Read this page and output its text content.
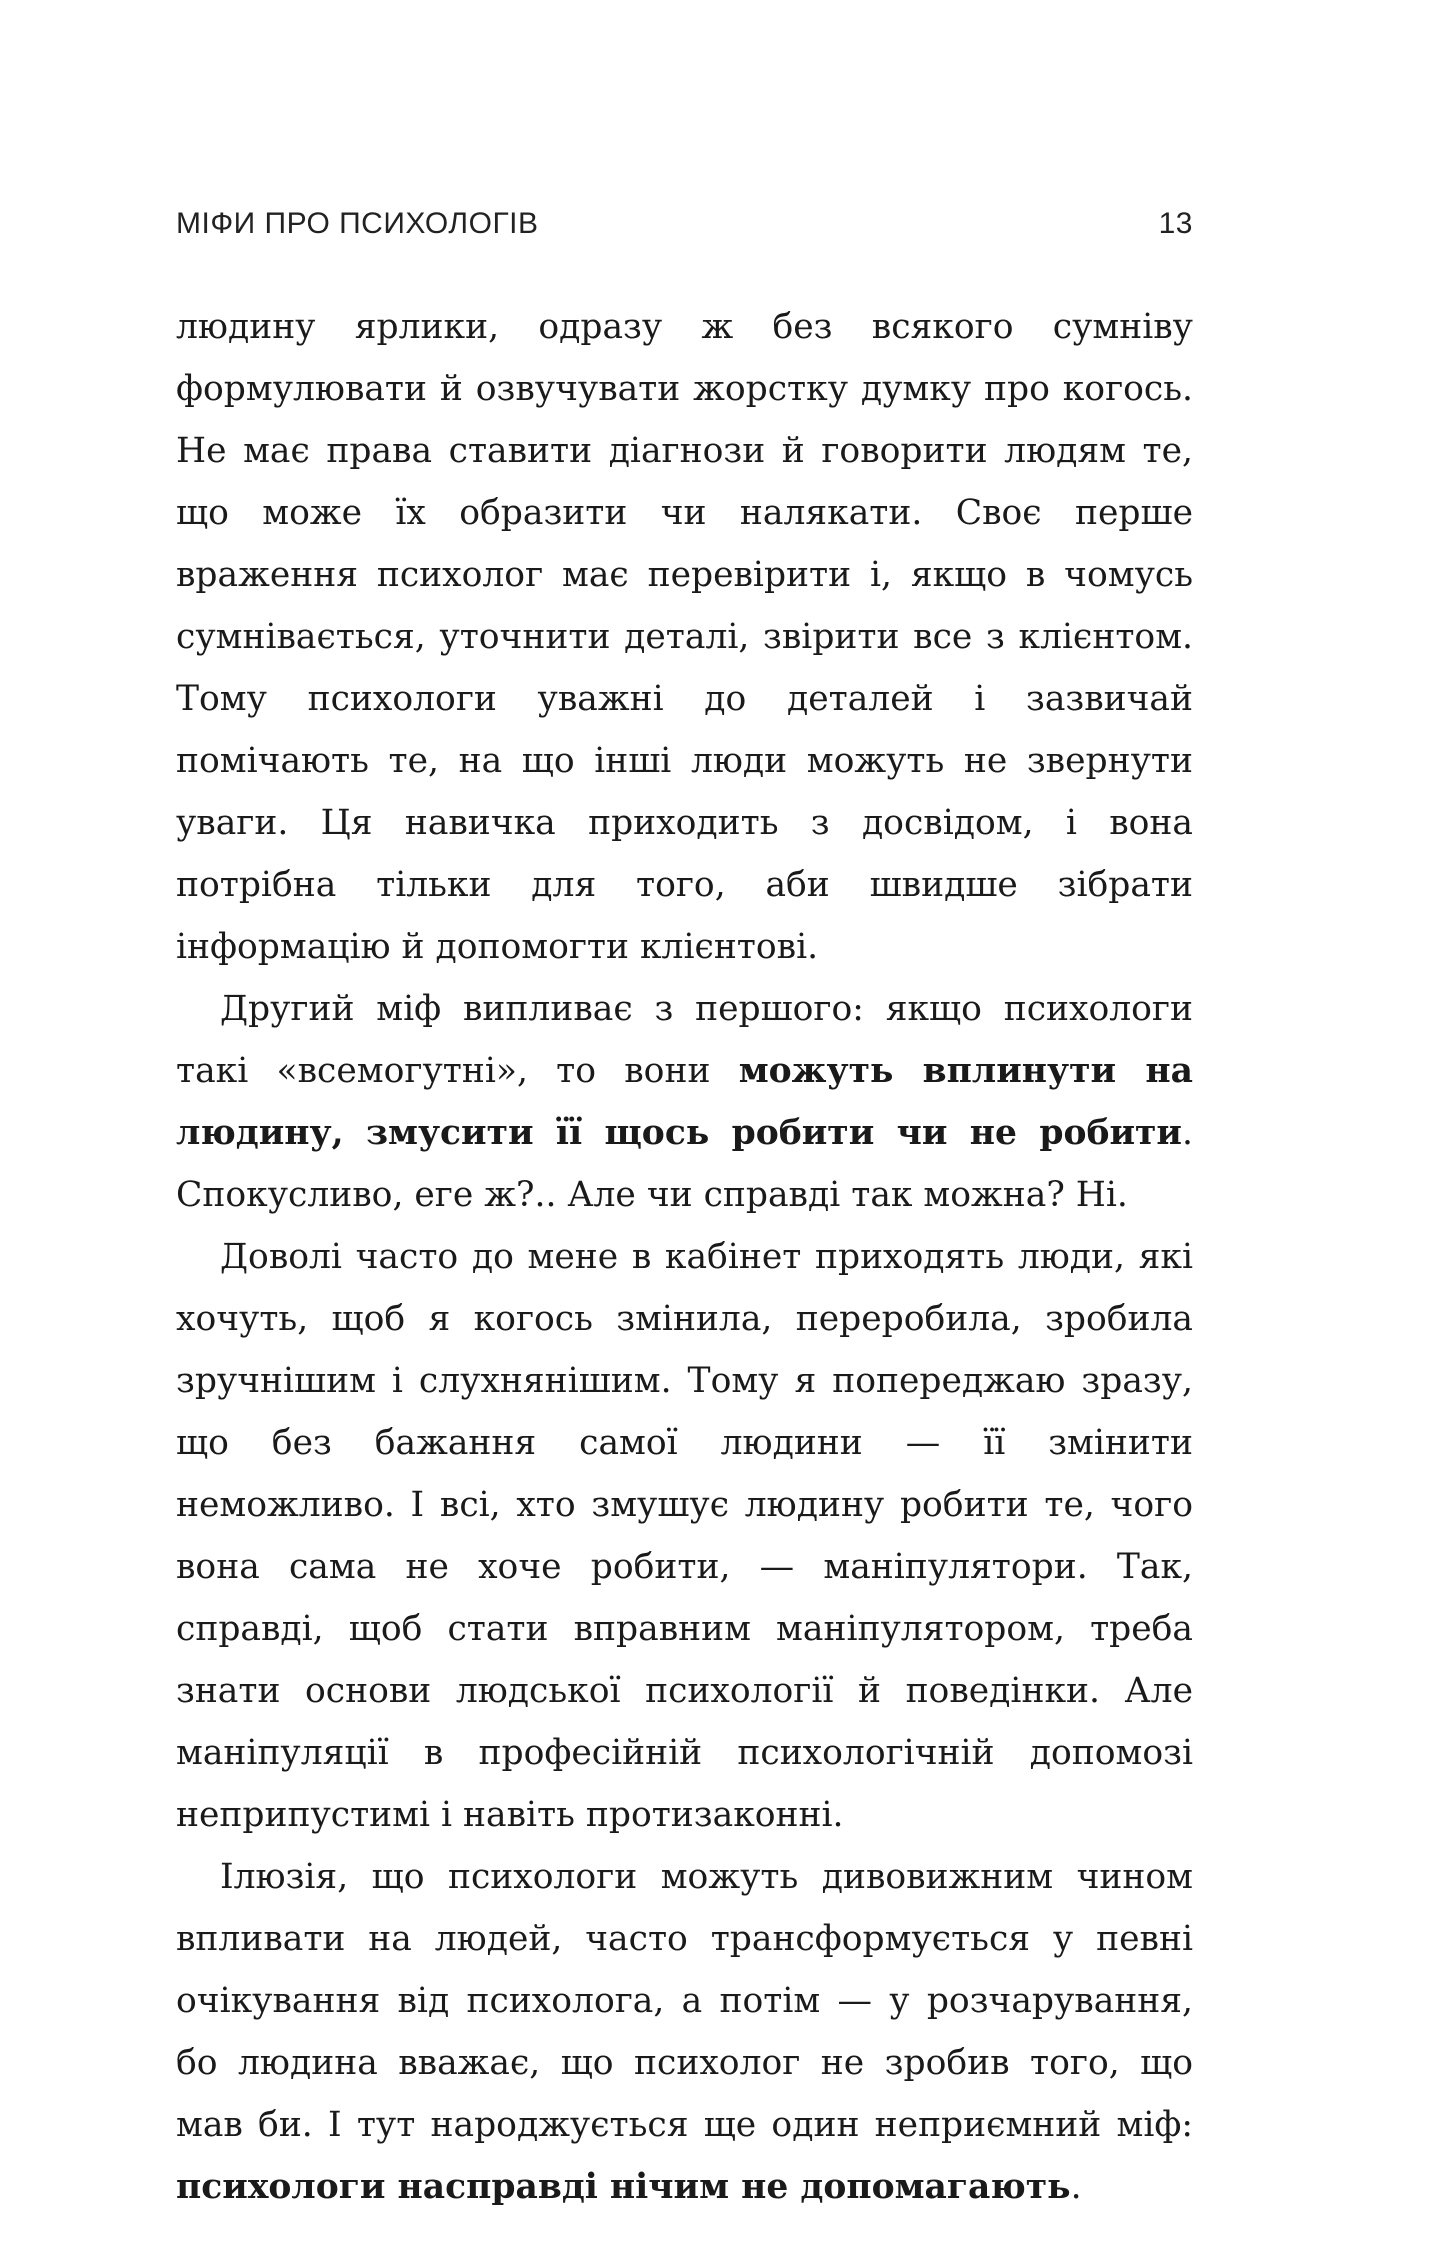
МІФИ ПРО ПСИХОЛОГІВ	13

людину ярлики, одразу ж без всякого сумніву формулювати й озвучувати жорстку думку про когось. Не має права ставити діагнози й говорити людям те, що може їх образити чи налякати. Своє перше враження психолог має перевірити і, якщо в чомусь сумнівається, уточнити деталі, звірити все з клієнтом. Тому психологи уважні до деталей і зазвичай помічають те, на що інші люди можуть не звернути уваги. Ця навичка приходить з досвідом, і вона потрібна тільки для того, аби швидше зібрати інформацію й допомогти клієнтові.

Другий міф випливає з першого: якщо психологи такі «всемогутні», то вони можуть вплинути на людину, змусити її щось робити чи не робити. Спокусливо, еге ж?.. Але чи справді так можна? Ні.

Доволі часто до мене в кабінет приходять люди, які хочуть, щоб я когось змінила, переробила, зробила зручнішим і слухнянішим. Тому я попереджаю зразу, що без бажання самої людини — її змінити неможливо. І всі, хто змушує людину робити те, чого вона сама не хоче робити, — маніпулятори. Так, справді, щоб стати вправним маніпулятором, треба знати основи людської психології й поведінки. Але маніпуляції в професійній психологічній допомозі неприпустимі і навіть протизаконні.

Ілюзія, що психологи можуть дивовижним чином впливати на людей, часто трансформується у певні очікування від психолога, а потім — у розчарування, бо людина вважає, що психолог не зробив того, що мав би. І тут народжується ще один неприємний міф: психологи насправді нічим не допомагають.
